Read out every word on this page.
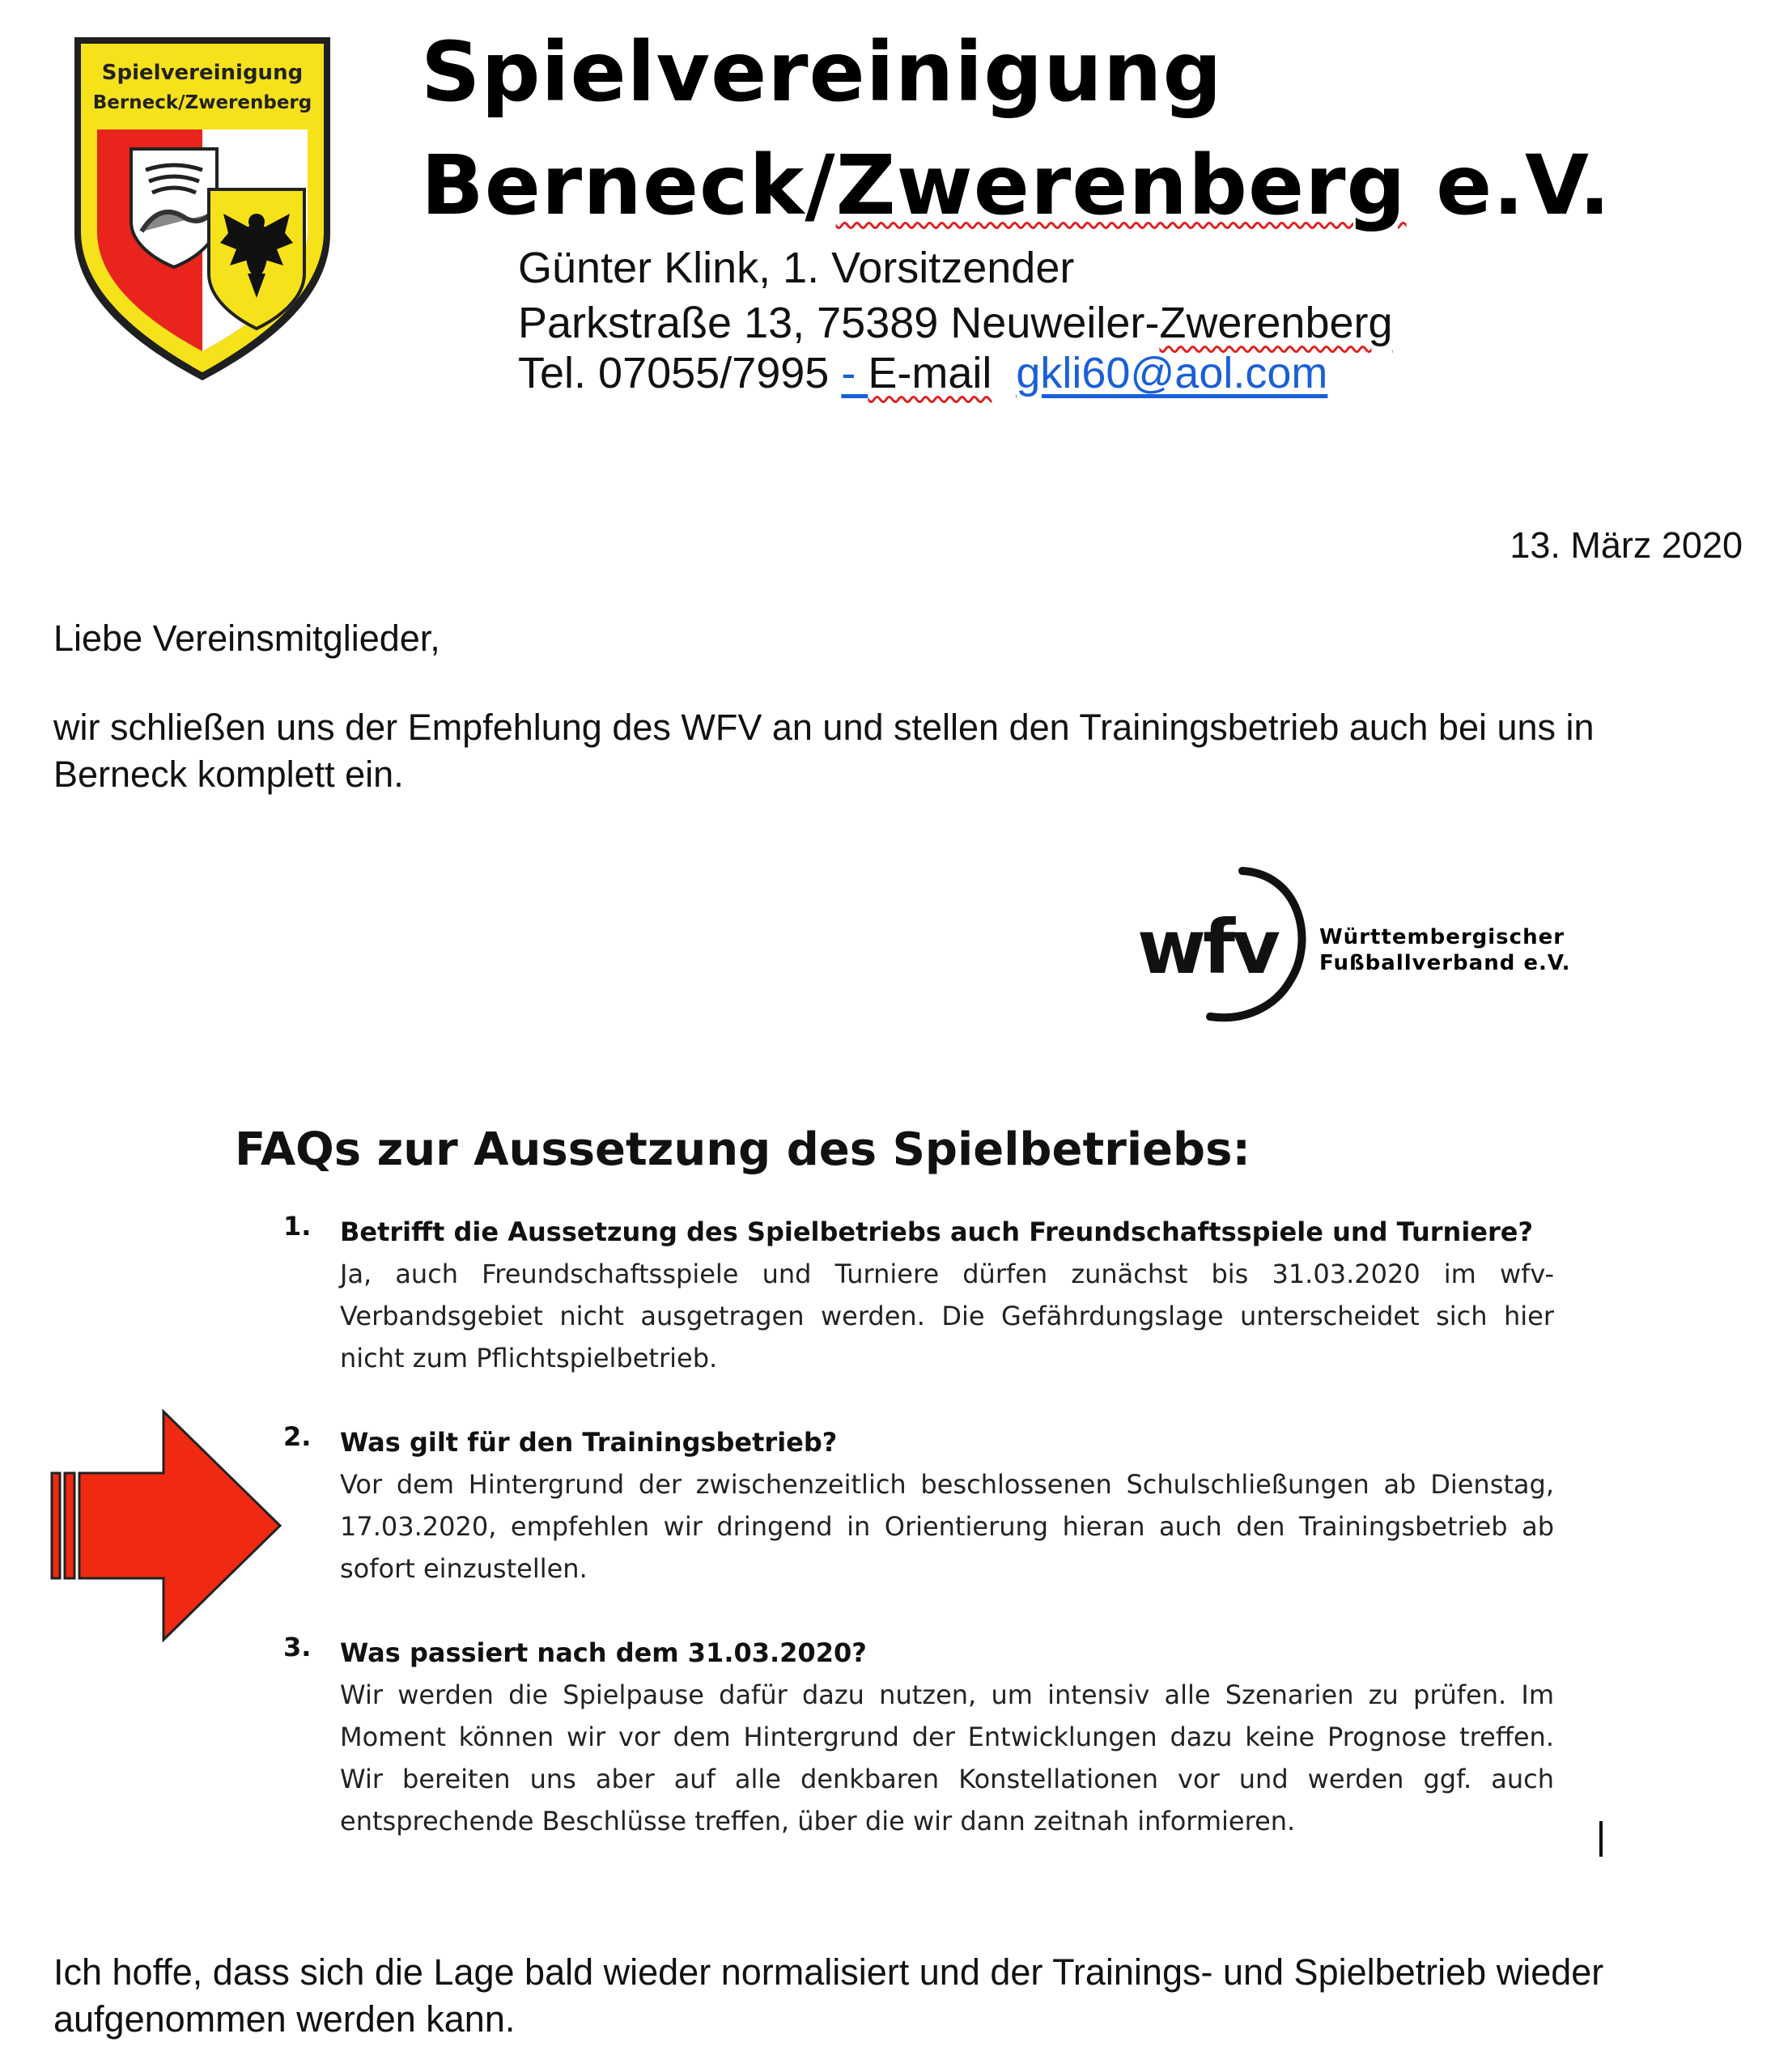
Spielvereinigung
Berneck/Zwerenberg Spielvereinigung
Berneck/Zwerenberg e.V.
Günter Klink, 1. Vorsitzender
Parkstraße 13, 75389 Neuweiler-Zwerenberg
Tel. 07055/7995 - E-mail gkli60@aol.com
13. März 2020
Liebe Vereinsmitglieder,
wir schließen uns der Empfehlung des WFV an und stellen den Trainingsbetrieb auch bei uns in Berneck komplett ein.
wfv Württembergischer
Fußballverband e.V.
FAQs zur Aussetzung des Spielbetriebs:
1. Betrifft die Aussetzung des Spielbetriebs auch Freundschaftsspiele und Turniere?
Ja, auch Freundschaftsspiele und Turniere dürfen zunächst bis 31.03.2020 im wfv-Verbandsgebiet nicht ausgetragen werden. Die Gefährdungslage unterscheidet sich hier nicht zum Pflichtspielbetrieb.
2. Was gilt für den Trainingsbetrieb?
Vor dem Hintergrund der zwischenzeitlich beschlossenen Schulschließungen ab Dienstag, 17.03.2020, empfehlen wir dringend in Orientierung hieran auch den Trainingsbetrieb ab sofort einzustellen.
3. Was passiert nach dem 31.03.2020?
Wir werden die Spielpause dafür dazu nutzen, um intensiv alle Szenarien zu prüfen. Im Moment können wir vor dem Hintergrund der Entwicklungen dazu keine Prognose treffen. Wir bereiten uns aber auf alle denkbaren Konstellationen vor und werden ggf. auch entsprechende Beschlüsse treffen, über die wir dann zeitnah informieren.
Ich hoffe, dass sich die Lage bald wieder normalisiert und der Trainings- und Spielbetrieb wieder aufgenommen werden kann.
